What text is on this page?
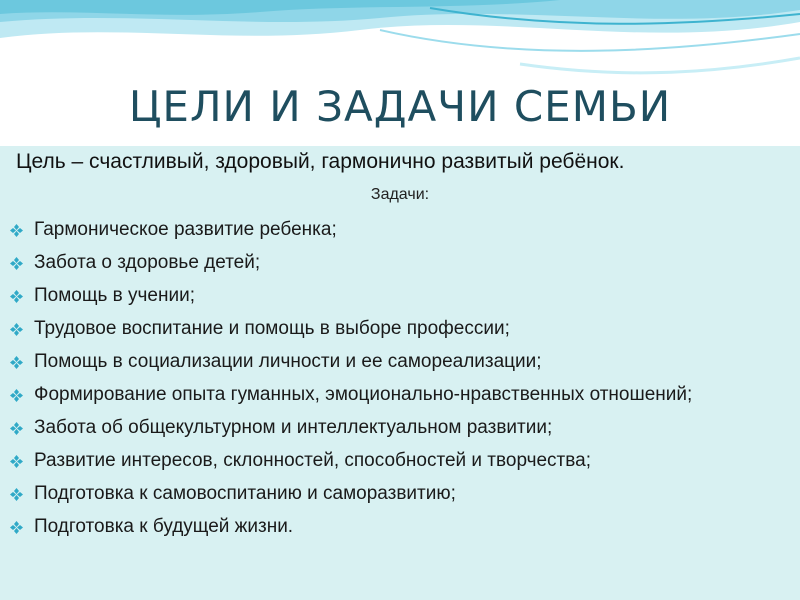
ЦЕЛИ И ЗАДАЧИ СЕМЬИ
Цель – счастливый, здоровый, гармонично развитый ребёнок.
Задачи:
Гармоническое развитие ребенка;
Забота о здоровье детей;
Помощь в учении;
Трудовое воспитание и помощь в выборе профессии;
Помощь в социализации личности и ее самореализации;
Формирование опыта гуманных, эмоционально-нравственных отношений;
Забота об общекультурном и интеллектуальном развитии;
Развитие интересов, склонностей, способностей и творчества;
Подготовка к самовоспитанию и саморазвитию;
Подготовка к будущей жизни.
